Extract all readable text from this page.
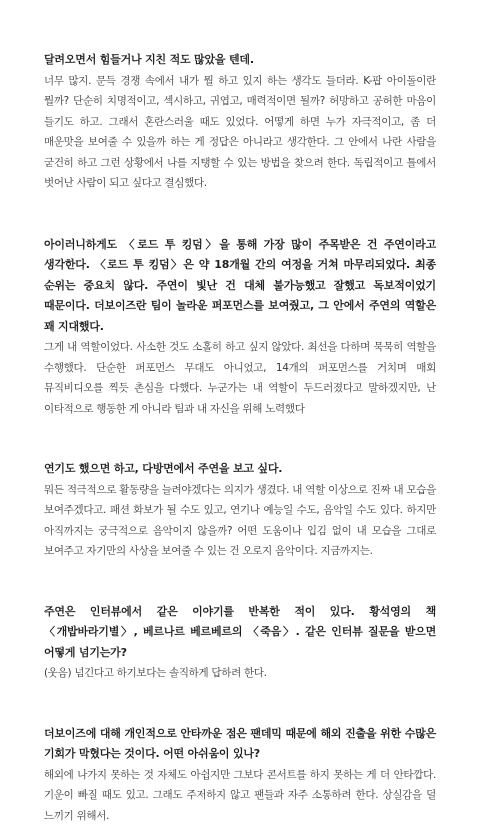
달려오면서 힘들거나 지친 적도 많았을 텐데.

너무 많지. 문득 경쟁 속에서 내가 뭘 하고 있지 하는 생각도 들더라. K-팝 아이돌이란 뭘까? 단순히 치명적이고, 섹시하고, 귀엽고, 매력적이면 될까? 허망하고 공허한 마음이 들기도 하고. 그래서 혼란스러울 때도 있었다. 어떻게 하면 누가 자극적이고, 좀 더 매운맛을 보여줄 수 있을까 하는 게 정답은 아니라고 생각한다. 그 안에서 나란 사람을 굳건히 하고 그런 상황에서 나를 지탱할 수 있는 방법을 찾으려 한다. 독립적이고 틀에서 벗어난 사람이 되고 싶다고 결심했다.

아이러니하게도 〈로드 투 킹덤〉을 통해 가장 많이 주목받은 건 주연이라고 생각한다. 〈로드 투 킹덤〉은 약 18개월 간의 여정을 거쳐 마무리되었다. 최종 순위는 중요치 않다. 주연이 빛난 건 대체 불가능했고 잘했고 독보적이었기 때문이다. 더보이즈란 팀이 놀라운 퍼포먼스를 보여줬고, 그 안에서 주연의 역할은 꽤 지대했다.

그게 내 역할이었다. 사소한 것도 소홀히 하고 싶지 않았다. 최선을 다하며 묵묵히 역할을 수행했다. 단순한 퍼포먼스 무대도 아니었고, 14개의 퍼포먼스를 거치며 매회 뮤직비디오를 찍듯 촌심을 다했다. 누군가는 내 역할이 두드러졌다고 말하겠지만, 난 이타적으로 행동한 게 아니라 팀과 내 자신을 위해 노력했다

연기도 했으면 하고, 다방면에서 주연을 보고 싶다.

뭐든 적극적으로 활동량을 늘려야겠다는 의지가 생겼다. 내 역할 이상으로 진짜 내 모습을 보여주겠다고. 패션 화보가 될 수도 있고, 연기나 예능일 수도, 음악일 수도 있다. 하지만 아직까지는 궁극적으로 음악이지 않을까? 어떤 도움이나 입김 없이 내 모습을 그대로 보여주고 자기만의 사상을 보여줄 수 있는 건 오로지 음악이다. 지금까지는.

주연은 인터뷰에서 같은 이야기를 반복한 적이 있다. 황석영의 책 〈개밥바라기별〉, 베르나르 베르베르의 〈죽음〉. 같은 인터뷰 질문을 받으면 어떻게 넘기는가?

(웃음) 넘긴다고 하기보다는 솔직하게 답하려 한다.

더보이즈에 대해 개인적으로 안타까운 점은 팬데믹 때문에 해외 진출을 위한 수많은 기회가 막혔다는 것이다. 어떤 아쉬움이 있나?

해외에 나가지 못하는 것 자체도 아쉽지만 그보다 콘서트를 하지 못하는 게 더 안타깝다. 기운이 빠질 때도 있고. 그래도 주저하지 않고 팬들과 자주 소통하려 한다. 상실감을 덜 느끼기 위해서.
